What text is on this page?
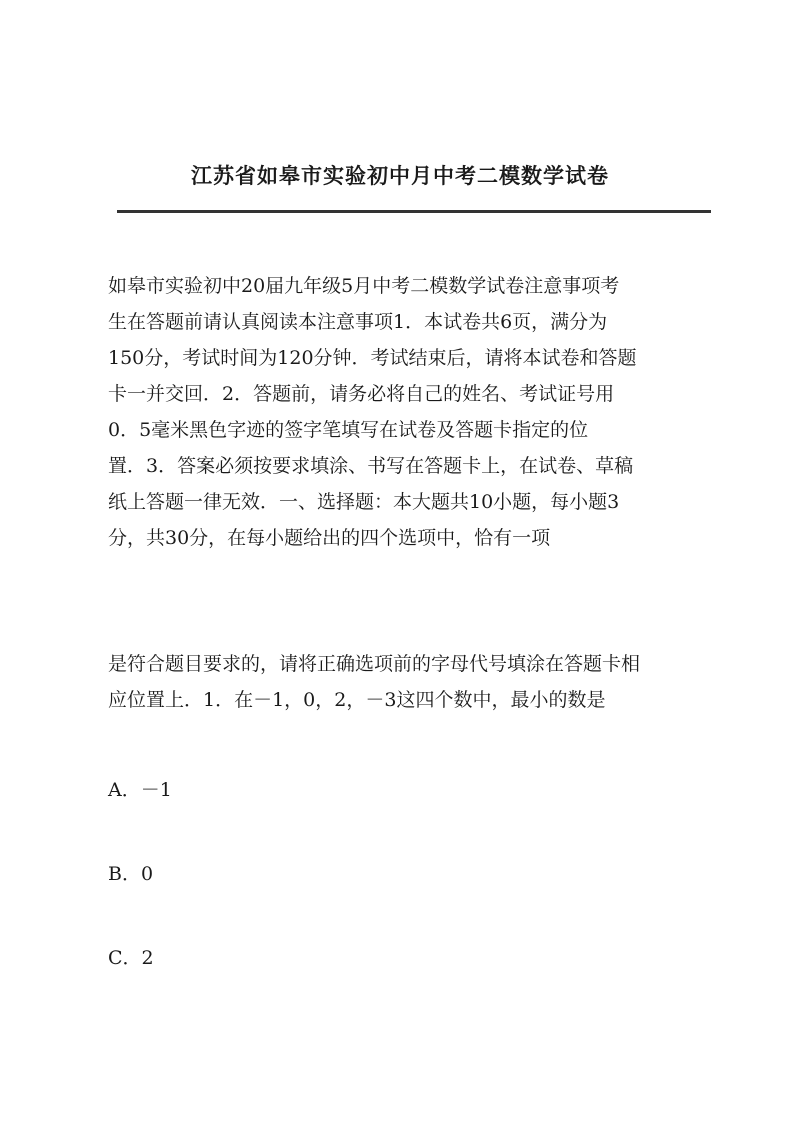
江苏省如皋市实验初中月中考二模数学试卷
如皋市实验初中20届九年级5月中考二模数学试卷注意事项考
生在答题前请认真阅读本注意事项1．本试卷共6页，满分为
150分，考试时间为120分钟．考试结束后，请将本试卷和答题
卡一并交回．2．答题前，请务必将自己的姓名、考试证号用
0．5毫米黑色字迹的签字笔填写在试卷及答题卡指定的位
置．3．答案必须按要求填涂、书写在答题卡上，在试卷、草稿
纸上答题一律无效．一、选择题：本大题共10小题，每小题3
分，共30分，在每小题给出的四个选项中，恰有一项
是符合题目要求的，请将正确选项前的字母代号填涂在答题卡相
应位置上．1．在－1，0，2，－3这四个数中，最小的数是
A．－1
B．0
C．2
